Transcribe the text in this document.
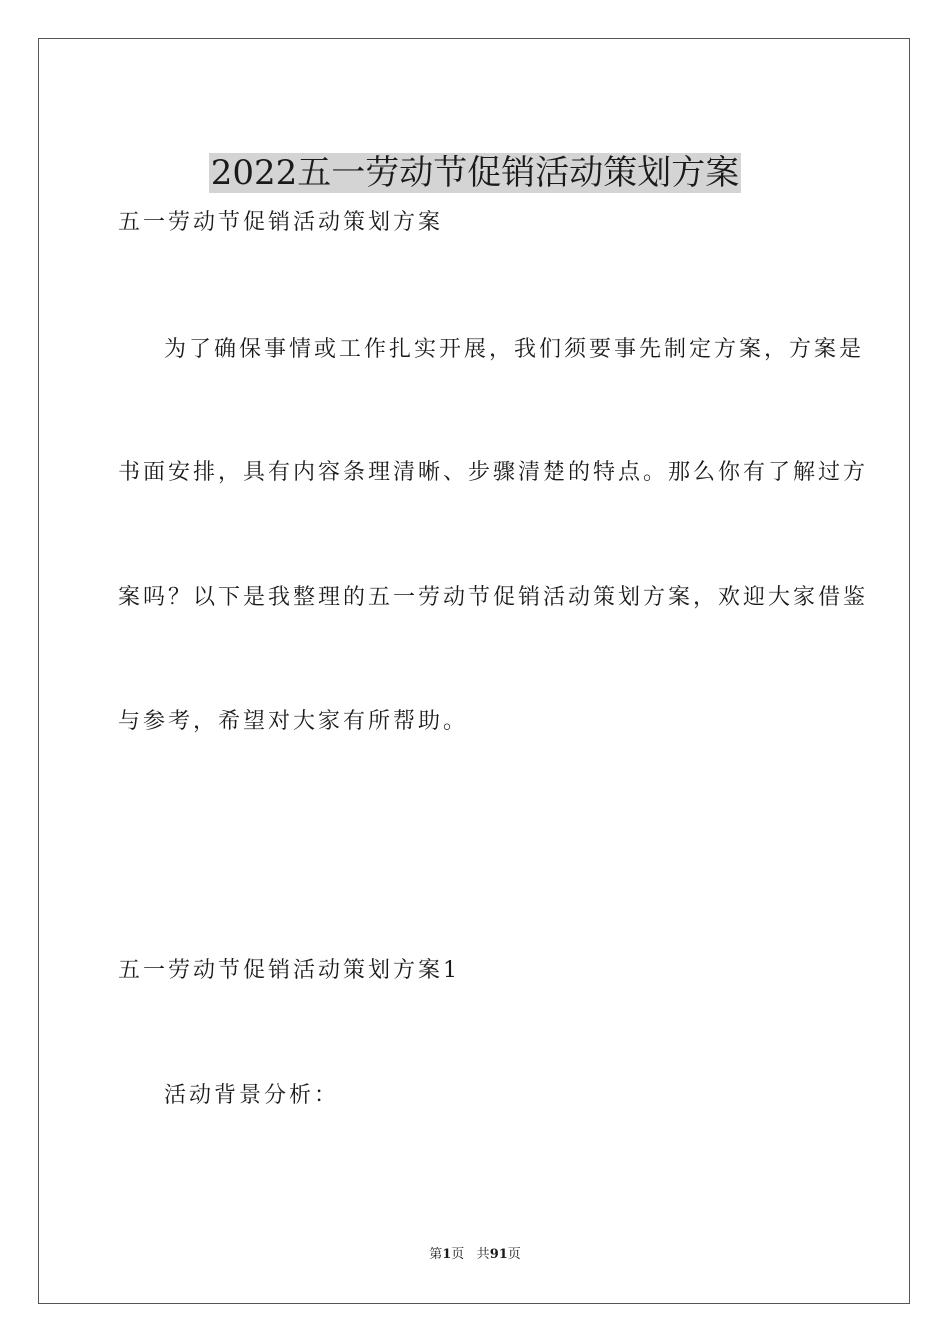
2022五一劳动节促销活动策划方案
五一劳动节促销活动策划方案
为了确保事情或工作扎实开展，我们须要事先制定方案，方案是
书面安排，具有内容条理清晰、步骤清楚的特点。那么你有了解过方
案吗？以下是我整理的五一劳动节促销活动策划方案，欢迎大家借鉴
与参考，希望对大家有所帮助。
五一劳动节促销活动策划方案1
活动背景分析：
第1页 共91页
